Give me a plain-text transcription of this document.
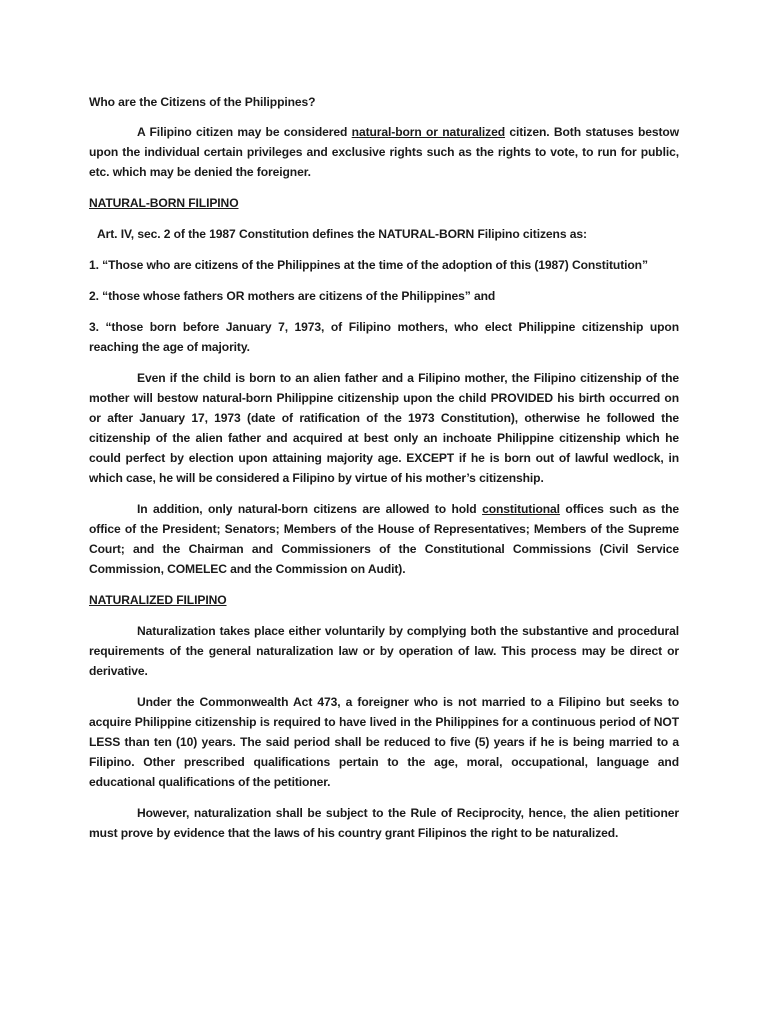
Who are the Citizens of the Philippines?

A Filipino citizen may be considered natural-born or naturalized citizen. Both statuses bestow upon the individual certain privileges and exclusive rights such as the rights to vote, to run for public, etc. which may be denied the foreigner.

NATURAL-BORN FILIPINO

Art. IV, sec. 2 of the 1987 Constitution defines the NATURAL-BORN Filipino citizens as:

1. “Those who are citizens of the Philippines at the time of the adoption of this (1987) Constitution”

2. “those whose fathers OR mothers are citizens of the Philippines” and

3. “those born before January 7, 1973, of Filipino mothers, who elect Philippine citizenship upon reaching the age of majority.

Even if the child is born to an alien father and a Filipino mother, the Filipino citizenship of the mother will bestow natural-born Philippine citizenship upon the child PROVIDED his birth occurred on or after January 17, 1973 (date of ratification of the 1973 Constitution), otherwise he followed the citizenship of the alien father and acquired at best only an inchoate Philippine citizenship which he could perfect by election upon attaining majority age. EXCEPT if he is born out of lawful wedlock, in which case, he will be considered a Filipino by virtue of his mother’s citizenship.

In addition, only natural-born citizens are allowed to hold constitutional offices such as the office of the President; Senators; Members of the House of Representatives; Members of the Supreme Court; and the Chairman and Commissioners of the Constitutional Commissions (Civil Service Commission, COMELEC and the Commission on Audit).

NATURALIZED FILIPINO

Naturalization takes place either voluntarily by complying both the substantive and procedural requirements of the general naturalization law or by operation of law. This process may be direct or derivative.

Under the Commonwealth Act 473, a foreigner who is not married to a Filipino but seeks to acquire Philippine citizenship is required to have lived in the Philippines for a continuous period of NOT LESS than ten (10) years. The said period shall be reduced to five (5) years if he is being married to a Filipino. Other prescribed qualifications pertain to the age, moral, occupational, language and educational qualifications of the petitioner.

However, naturalization shall be subject to the Rule of Reciprocity, hence, the alien petitioner must prove by evidence that the laws of his country grant Filipinos the right to be naturalized.
